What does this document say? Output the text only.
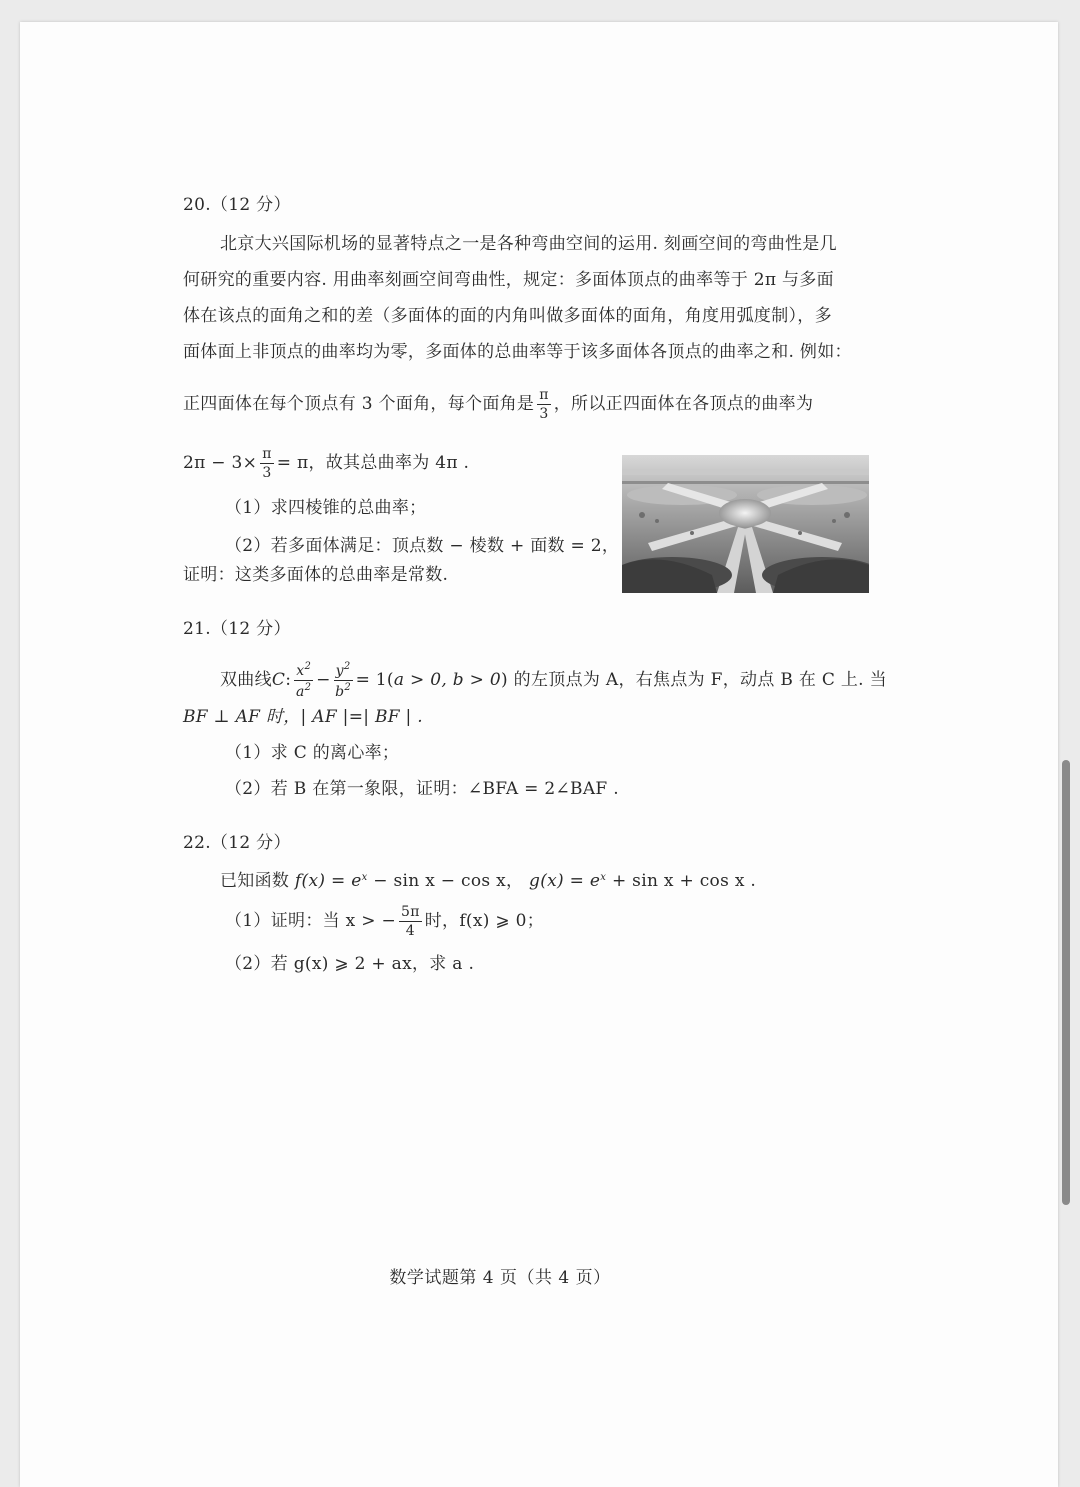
20.（12 分）
北京大兴国际机场的显著特点之一是各种弯曲空间的运用. 刻画空间的弯曲性是几
何研究的重要内容. 用曲率刻画空间弯曲性，规定：多面体顶点的曲率等于 2π 与多面
体在该点的面角之和的差（多面体的面的内角叫做多面体的面角，角度用弧度制），多
面体面上非顶点的曲率均为零，多面体的总曲率等于该多面体各顶点的曲率之和. 例如：
正四面体在每个顶点有 3 个面角，每个面角是 $\frac{\pi}{3}$ ，所以正四面体在各顶点的曲率为
$2\pi - 3\times \frac{\pi}{3} = \pi$，故其总曲率为 4π .
（1）求四棱锥的总曲率；
（2）若多面体满足：顶点数 − 棱数 + 面数 = 2，
证明：这类多面体的总曲率是常数.
21.（12 分）
双曲线C: $\frac{x^2}{a^2} - \frac{y^2}{b^2} = 1(a > 0$, b > 0) 的左顶点为 A，右焦点为 F，动点 B 在 C 上. 当
BF ⊥ AF 时，| AF |=| BF | .
（1）求 C 的离心率；
（2）若 B 在第一象限，证明：∠BFA = 2∠BAF .
22.（12 分）
已知函数 $f(x) = e^x - \sin x - \cos x$， $g(x) = e^x + \sin x + \cos x$ .
（1）证明：当 x > − $\frac{5\pi}{4}$ 时，f(x) ⩾ 0；
（2）若 g(x) ⩾ 2 + ax，求 a .
数学试题第 4 页（共 4 页）
